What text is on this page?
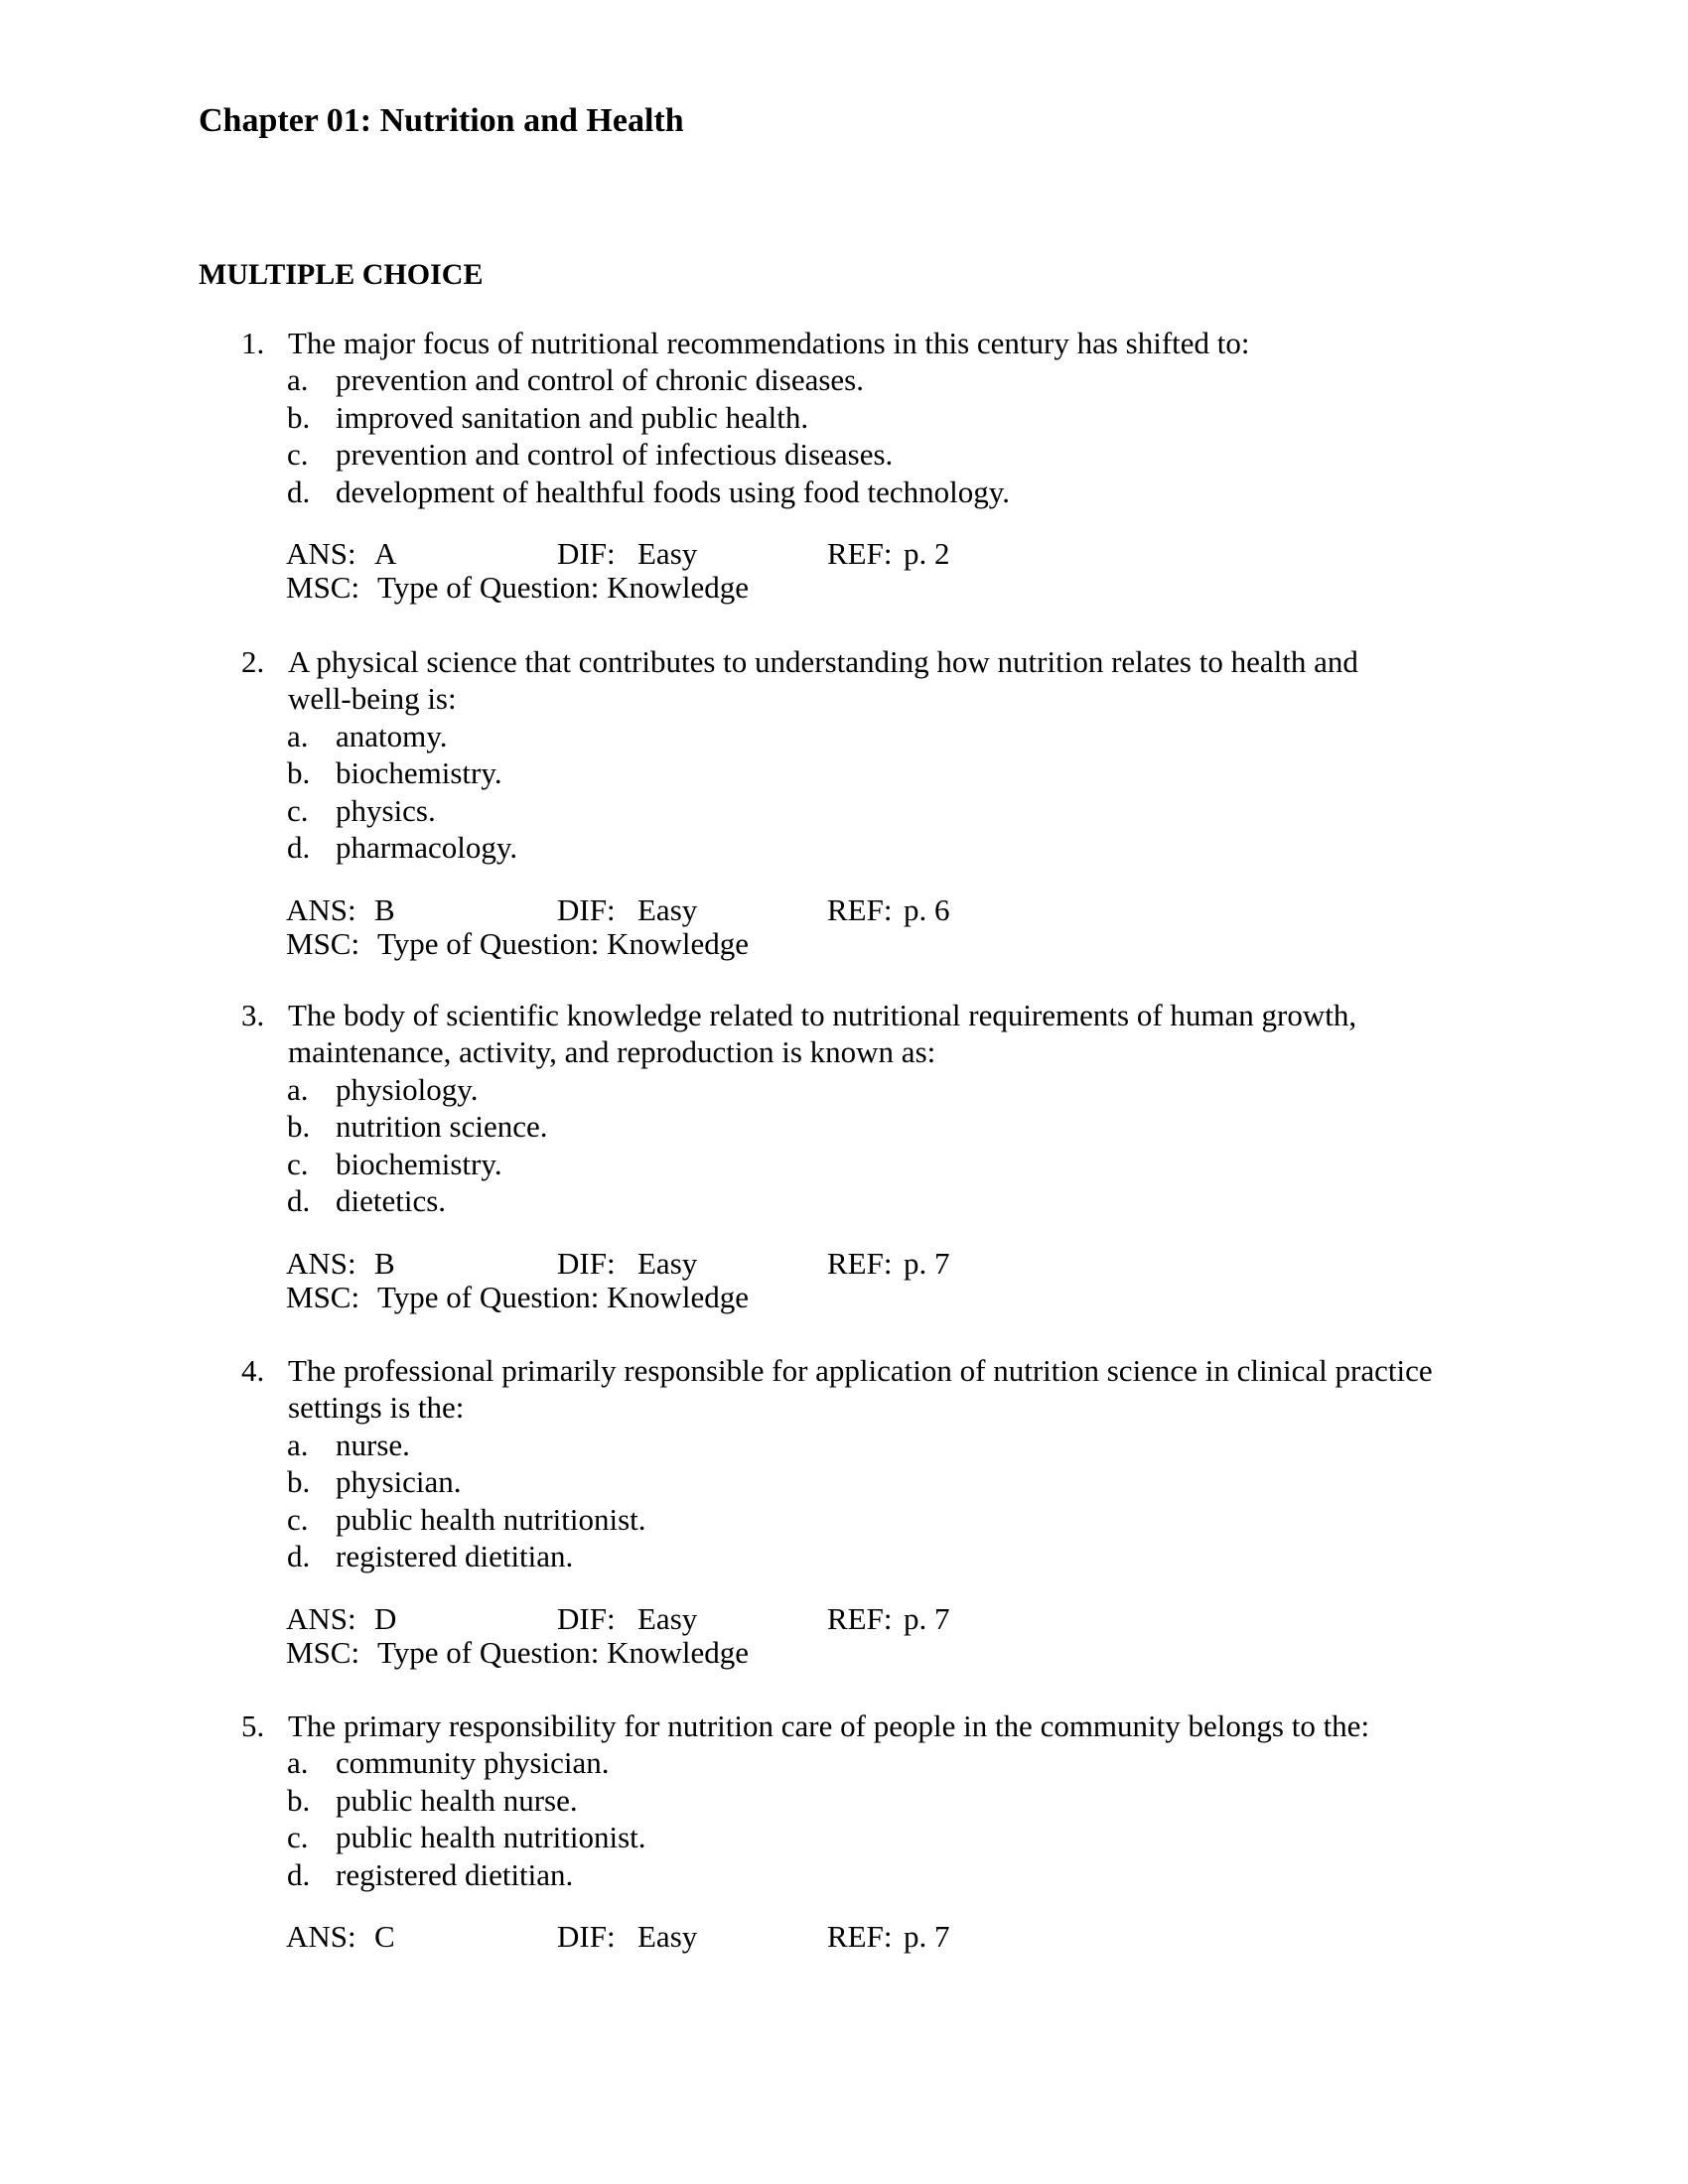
Chapter 01: Nutrition and Health
MULTIPLE CHOICE
1. The major focus of nutritional recommendations in this century has shifted to:
a. prevention and control of chronic diseases.
b. improved sanitation and public health.
c. prevention and control of infectious diseases.
d. development of healthful foods using food technology.
ANS: A	DIF: Easy	REF: p. 2
MSC: Type of Question: Knowledge
2. A physical science that contributes to understanding how nutrition relates to health and
well-being is:
a. anatomy.
b. biochemistry.
c. physics.
d. pharmacology.
ANS: B	DIF: Easy	REF: p. 6
MSC: Type of Question: Knowledge
3. The body of scientific knowledge related to nutritional requirements of human growth,
maintenance, activity, and reproduction is known as:
a. physiology.
b. nutrition science.
c. biochemistry.
d. dietetics.
ANS: B	DIF: Easy	REF: p. 7
MSC: Type of Question: Knowledge
4. The professional primarily responsible for application of nutrition science in clinical practice
settings is the:
a. nurse.
b. physician.
c. public health nutritionist.
d. registered dietitian.
ANS: D	DIF: Easy	REF: p. 7
MSC: Type of Question: Knowledge
5. The primary responsibility for nutrition care of people in the community belongs to the:
a. community physician.
b. public health nurse.
c. public health nutritionist.
d. registered dietitian.
ANS: C	DIF: Easy	REF: p. 7
